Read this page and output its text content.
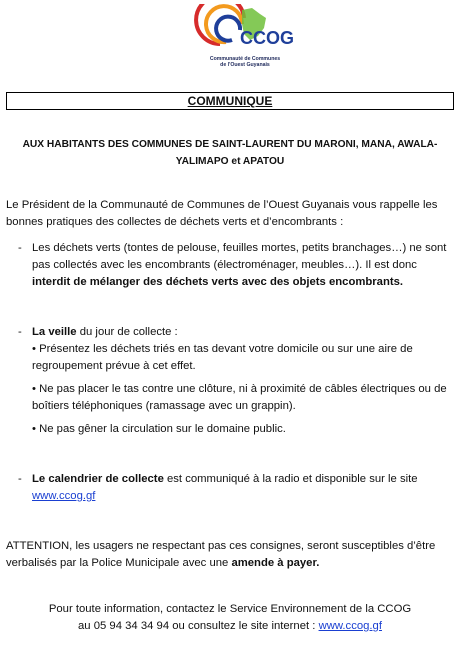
CCOG
Communauté de Communes
de l'Ouest Guyanais
COMMUNIQUE
AUX HABITANTS DES COMMUNES DE SAINT-LAURENT DU MARONI, MANA, AWALA-YALIMAPO et APATOU
Le Président de la Communauté de Communes de l’Ouest Guyanais vous rappelle les bonnes pratiques des collectes de déchets verts et d’encombrants :
- Les déchets verts (tontes de pelouse, feuilles mortes, petits branchages…) ne sont pas collectés avec les encombrants (électroménager, meubles…). Il est donc interdit de mélanger des déchets verts avec des objets encombrants.
- La veille du jour de collecte :
• Présentez les déchets triés en tas devant votre domicile ou sur une aire de regroupement prévue à cet effet.
• Ne pas placer le tas contre une clôture, ni à proximité de câbles électriques ou de boîtiers téléphoniques (ramassage avec un grappin).
• Ne pas gêner la circulation sur le domaine public.
- Le calendrier de collecte est communiqué à la radio et disponible sur le site
www.ccog.gf
ATTENTION, les usagers ne respectant pas ces consignes, seront susceptibles d’être verbalisés par la Police Municipale avec une amende à payer.
Pour toute information, contactez le Service Environnement de la CCOG
au 05 94 34 34 94 ou consultez le site internet : www.ccog.gf
